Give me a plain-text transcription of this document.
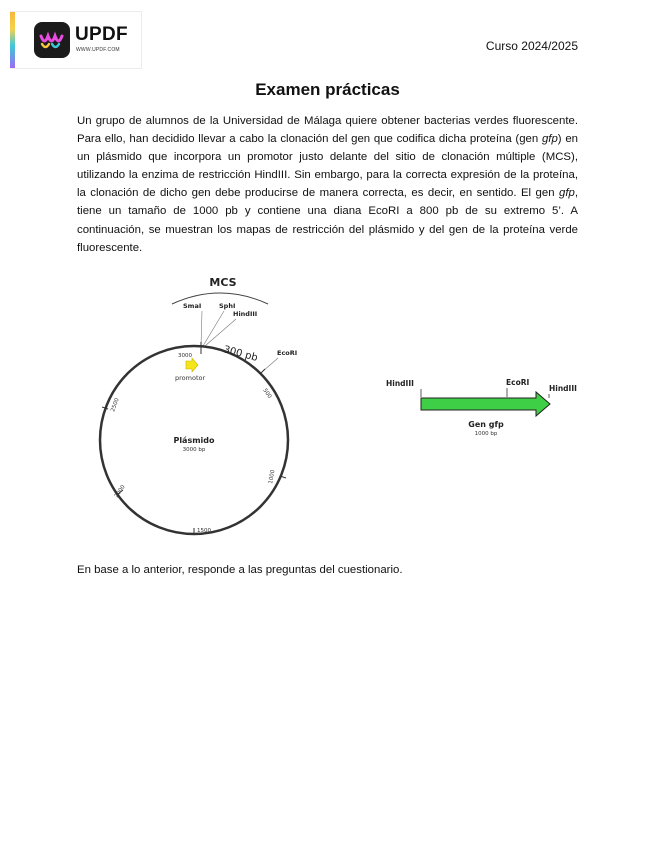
UPDF
WWW.UPDF.COM	Curso 2024/2025
Examen prácticas

Un grupo de alumnos de la Universidad de Málaga quiere obtener bacterias verdes fluorescente. Para ello, han decidido llevar a cabo la clonación del gen que codifica dicha proteína (gen gfp) en un plásmido que incorpora un promotor justo delante del sitio de clonación múltiple (MCS), utilizando la enzima de restricción HindIII. Sin embargo, para la correcta expresión de la proteína, la clonación de dicho gen debe producirse de manera correcta, es decir, en sentido. El gen gfp, tiene un tamaño de 1000 pb y contiene una diana EcoRI a 800 pb de su extremo 5’. A continuación, se muestran los mapas de restricción del plásmido y del gen de la proteína verde fluorescente.

MCS
SmaI	SphI
HindIII
EcoRI
3000
500
1000
1500
2000
2500
300 pb
promotor
Plásmido
3000 bp
HindIII	EcoRI
HindIII
Gen gfp
1000 bp
En base a lo anterior, responde a las preguntas del cuestionario.
